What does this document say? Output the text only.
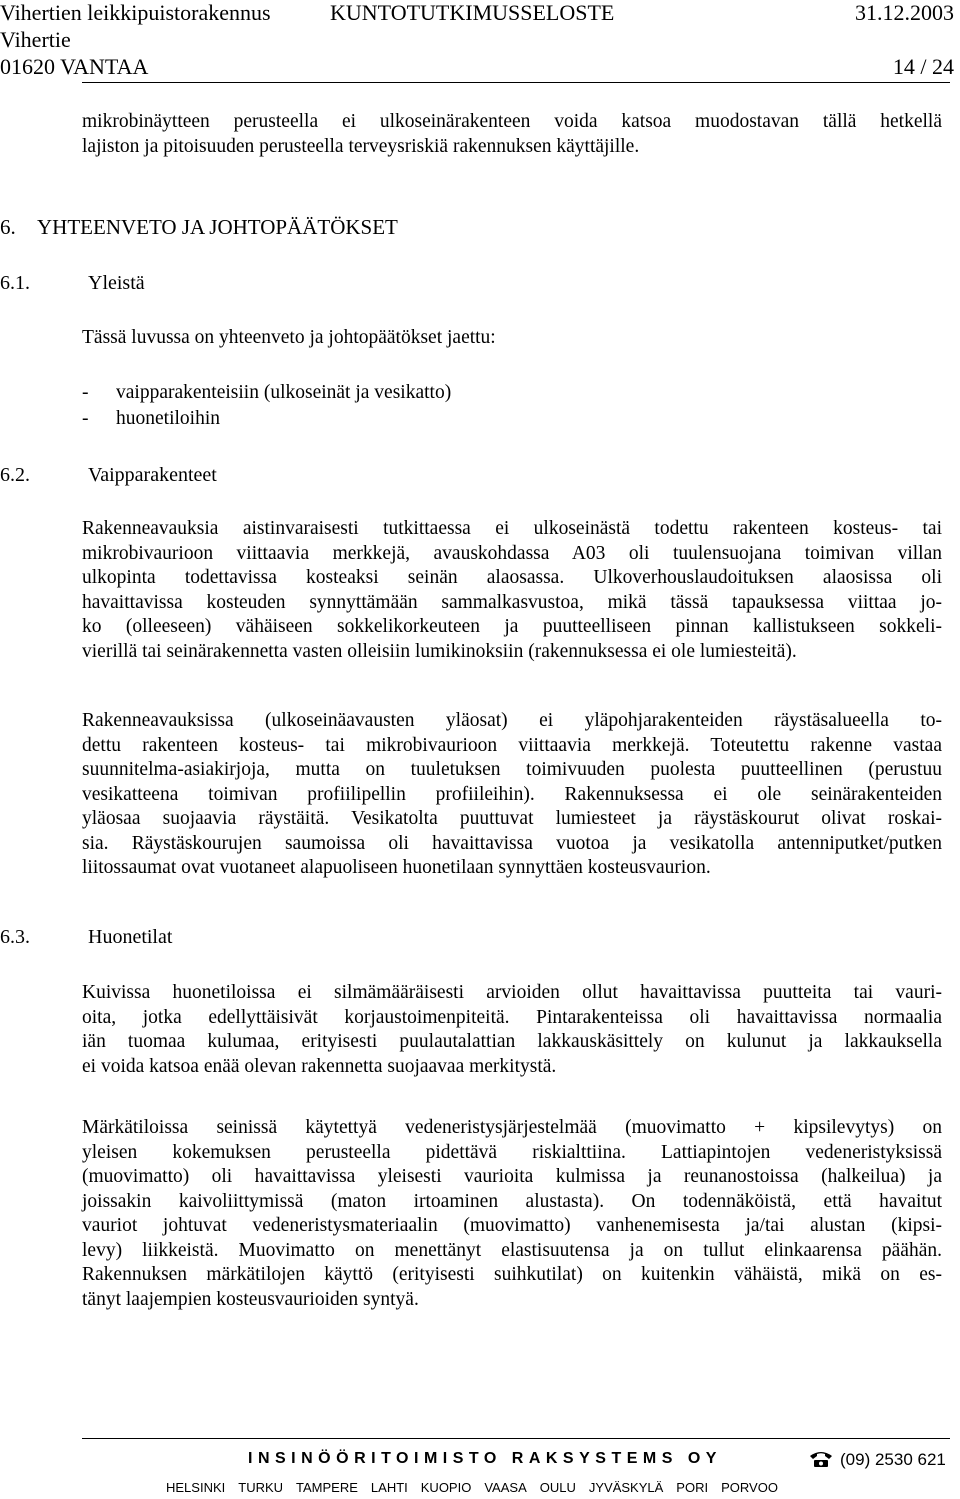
Vihertien leikkipuistorakennus	KUNTOTUTKIMUSSELOSTE	31.12.2003
Vihertie
01620 VANTAA	14 / 24
mikrobinäytteen perusteella ei ulkoseinärakenteen voida katsoa muodostavan tällä hetkellä
lajiston ja pitoisuuden perusteella terveysriskiä rakennuksen käyttäjille.
6. YHTEENVETO JA JOHTOPÄÄTÖKSET
6.1.	Yleistä
Tässä luvussa on yhteenveto ja johtopäätökset jaettu:
- vaipparakenteisiin (ulkoseinät ja vesikatto)
- huonetiloihin
6.2.	Vaipparakenteet
Rakenneavauksia aistinvaraisesti tutkittaessa ei ulkoseinästä todettu rakenteen kosteus- tai
mikrobivaurioon viittaavia merkkejä, avauskohdassa A03 oli tuulensuojana toimivan villan
ulkopinta todettavissa kosteaksi seinän alaosassa. Ulkoverhouslaudoituksen alaosissa oli
havaittavissa kosteuden synnyttämään sammalkasvustoa, mikä tässä tapauksessa viittaa jo-
ko (olleeseen) vähäiseen sokkelikorkeuteen ja puutteelliseen pinnan kallistukseen sokkeli-
vierillä tai seinärakennetta vasten olleisiin lumikinoksiin (rakennuksessa ei ole lumiesteitä).
Rakenneavauksissa (ulkoseinäavausten yläosat) ei yläpohjarakenteiden räystäsalueella to-
dettu rakenteen kosteus- tai mikrobivaurioon viittaavia merkkejä. Toteutettu rakenne vastaa
suunnitelma-asiakirjoja, mutta on tuuletuksen toimivuuden puolesta puutteellinen (perustuu
vesikatteena toimivan profiilipellin profiileihin). Rakennuksessa ei ole seinärakenteiden
yläosaa suojaavia räystäitä. Vesikatolta puuttuvat lumiesteet ja räystäskourut olivat roskai-
sia. Räystäskourujen saumoissa oli havaittavissa vuotoa ja vesikatolla antenniputket/putken
liitossaumat ovat vuotaneet alapuoliseen huonetilaan synnyttäen kosteusvaurion.
6.3.	Huonetilat
Kuivissa huonetiloissa ei silmämääräisesti arvioiden ollut havaittavissa puutteita tai vauri-
oita, jotka edellyttäisivät korjaustoimenpiteitä. Pintarakenteissa oli havaittavissa normaalia
iän tuomaa kulumaa, erityisesti puulautalattian lakkauskäsittely on kulunut ja lakkauksella
ei voida katsoa enää olevan rakennetta suojaavaa merkitystä.
Märkätiloissa seinissä käytettyä vedeneristysjärjestelmää (muovimatto + kipsilevytys) on
yleisen kokemuksen perusteella pidettävä riskialttiina. Lattiapintojen vedeneristyksissä
(muovimatto) oli havaittavissa yleisesti vaurioita kulmissa ja reunanostoissa (halkeilua) ja
joissakin kaivoliittymissä (maton irtoaminen alustasta). On todennäköistä, että havaitut
vauriot johtuvat vedeneristysmateriaalin (muovimatto) vanhenemisesta ja/tai alustan (kipsi-
levy) liikkeistä. Muovimatto on menettänyt elastisuutensa ja on tullut elinkaarensa päähän.
Rakennuksen märkätilojen käyttö (erityisesti suihkutilat) on kuitenkin vähäistä, mikä on es-
tänyt laajempien kosteusvaurioiden syntyä.
INSINÖÖRITOIMISTO RAKSYSTEMS OY	(09) 2530 621
HELSINKI TURKU TAMPERE LAHTI KUOPIO VAASA OULU JYVÄSKYLÄ PORI PORVOO
